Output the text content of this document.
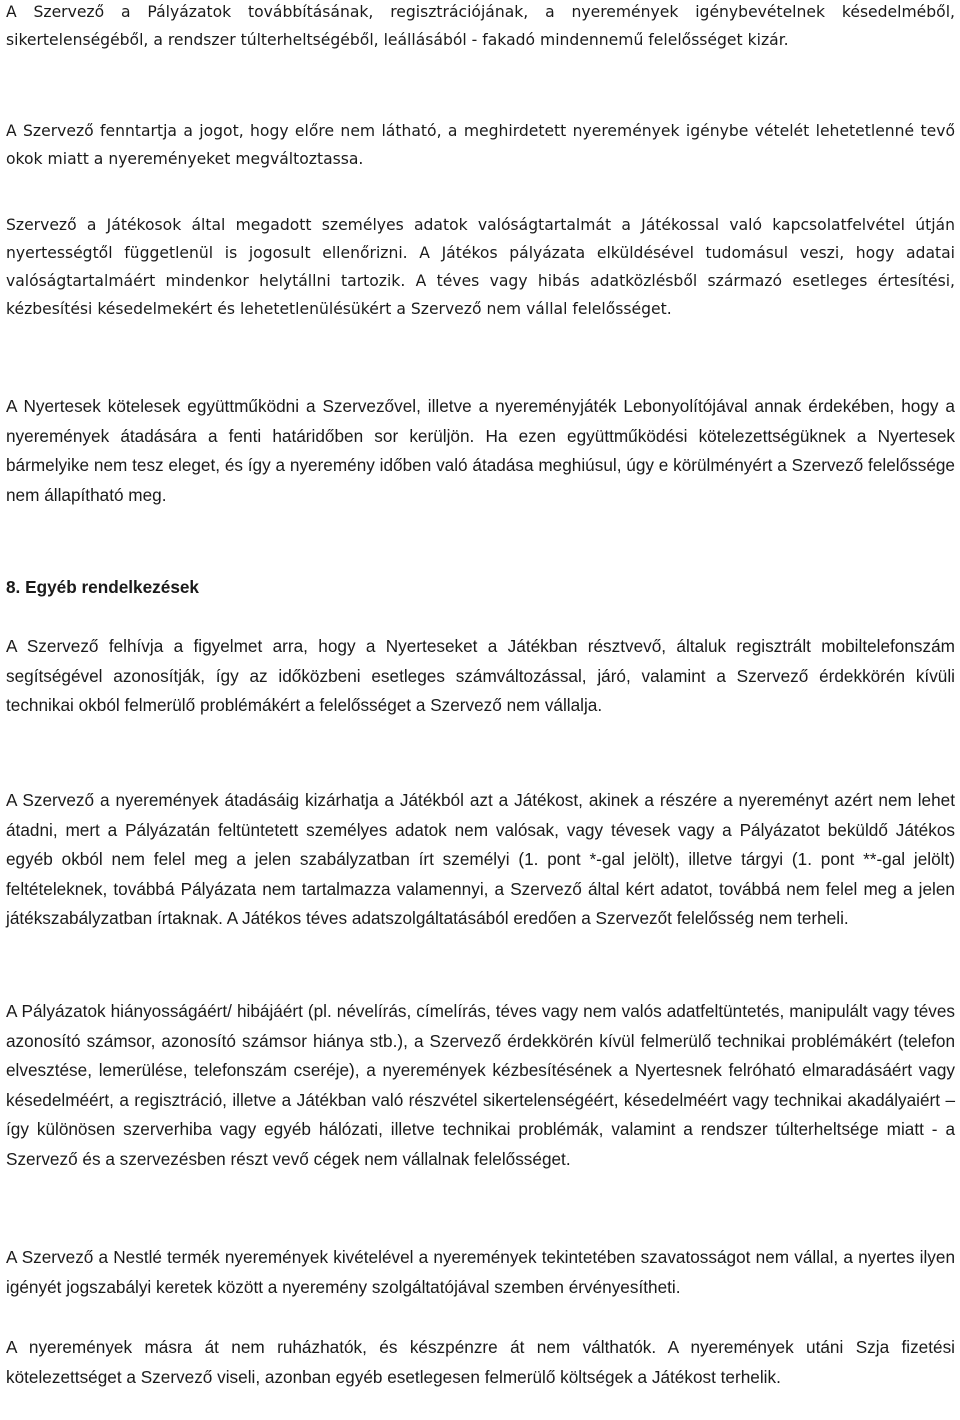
A Szervező a Pályázatok továbbításának, regisztrációjának, a nyeremények igénybevételnek késedelméből, sikertelenségéből, a rendszer túlterheltségéből, leállásából - fakadó mindennemű felelősséget kizár.

A Szervező fenntartja a jogot, hogy előre nem látható, a meghirdetett nyeremények igénybe vételét lehetetlenné tevő okok miatt a nyereményeket megváltoztassa.

Szervező a Játékosok által megadott személyes adatok valóságtartalmát a Játékossal való kapcsolatfelvétel útján nyertességtől függetlenül is jogosult ellenőrizni. A Játékos pályázata elküldésével tudomásul veszi, hogy adatai valóságtartalmáért mindenkor helytállni tartozik. A téves vagy hibás adatközlésből származó esetleges értesítési, kézbesítési késedelmekért és lehetetlenülésükért a Szervező nem vállal felelősséget.

A Nyertesek kötelesek együttműködni a Szervezővel, illetve a nyereményjáték Lebonyolítójával annak érdekében, hogy a nyeremények átadására a fenti határidőben sor kerüljön. Ha ezen együttműködési kötelezettségüknek a Nyertesek bármelyike nem tesz eleget, és így a nyeremény időben való átadása meghiúsul, úgy e körülményért a Szervező felelőssége nem állapítható meg.

8. Egyéb rendelkezések

A Szervező felhívja a figyelmet arra, hogy a Nyerteseket a Játékban résztvevő, általuk regisztrált mobiltelefonszám segítségével azonosítják, így az időközbeni esetleges számváltozással, járó, valamint a Szervező érdekkörén kívüli technikai okból felmerülő problémákért a felelősséget a Szervező nem vállalja.

A Szervező a nyeremények átadásáig kizárhatja a Játékból azt a Játékost, akinek a részére a nyereményt azért nem lehet átadni, mert a Pályázatán feltüntetett személyes adatok nem valósak, vagy tévesek vagy a Pályázatot beküldő Játékos egyéb okból nem felel meg a jelen szabályzatban írt személyi (1. pont *-gal jelölt), illetve tárgyi (1. pont **-gal jelölt) feltételeknek, továbbá Pályázata nem tartalmazza valamennyi, a Szervező által kért adatot, továbbá nem felel meg a jelen játékszabályzatban írtaknak. A Játékos téves adatszolgáltatásából eredően a Szervezőt felelősség nem terheli.

A Pályázatok hiányosságáért/ hibájáért (pl. névelírás, címelírás, téves vagy nem valós adatfeltüntetés, manipulált vagy téves azonosító számsor, azonosító számsor hiánya stb.), a Szervező érdekkörén kívül felmerülő technikai problémákért (telefon elvesztése, lemerülése, telefonszám cseréje), a nyeremények kézbesítésének a Nyertesnek felróható elmaradásáért vagy késedelméért, a regisztráció, illetve a Játékban való részvétel sikertelenségéért, késedelméért vagy technikai akadályaiért – így különösen szerverhiba vagy egyéb hálózati, illetve technikai problémák, valamint a rendszer túlterheltsége miatt - a Szervező és a szervezésben részt vevő cégek nem vállalnak felelősséget.

A Szervező a Nestlé termék nyeremények kivételével a nyeremények tekintetében szavatosságot nem vállal, a nyertes ilyen igényét jogszabályi keretek között a nyeremény szolgáltatójával szemben érvényesítheti.

A nyeremények másra át nem ruházhatók, és készpénzre át nem válthatók. A nyeremények utáni Szja fizetési kötelezettséget a Szervező viseli, azonban egyéb esetlegesen felmerülő költségek a Játékost terhelik.
